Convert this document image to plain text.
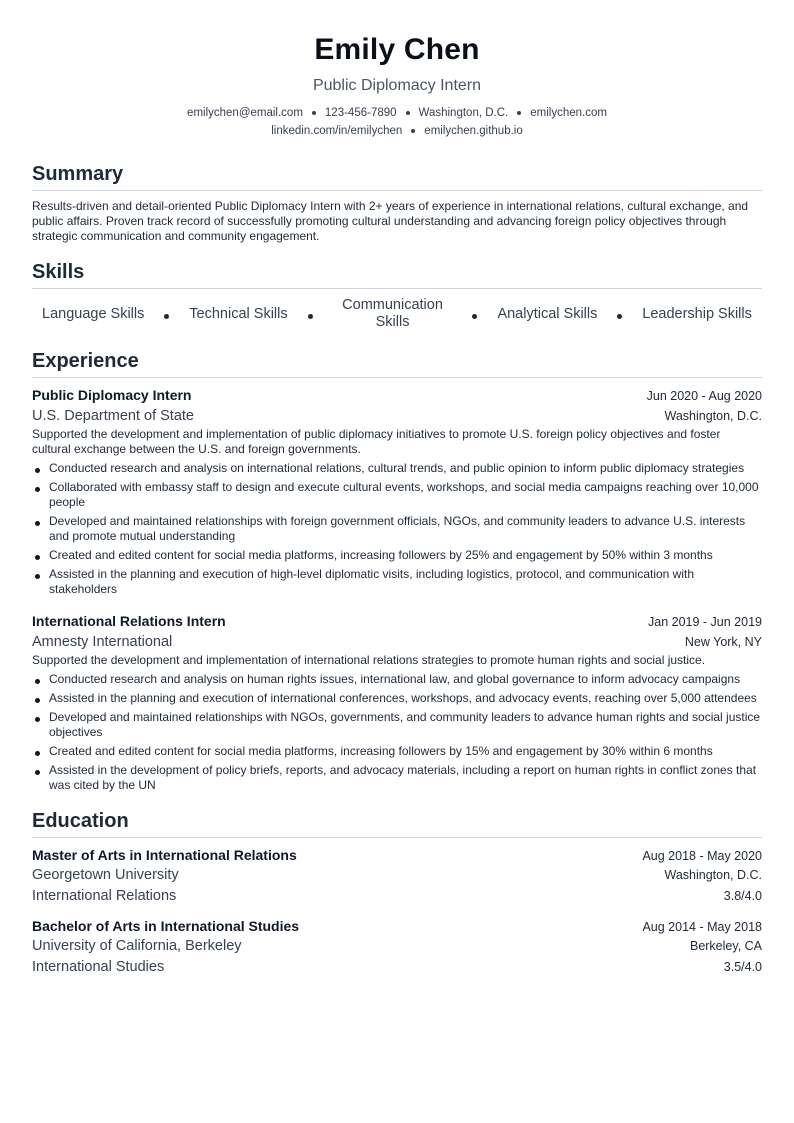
Emily Chen
Public Diplomacy Intern
emilychen@email.com 123-456-7890 Washington, D.C. emilychen.com
linkedin.com/in/emilychen emilychen.github.io
Summary
Results-driven and detail-oriented Public Diplomacy Intern with 2+ years of experience in international relations, cultural exchange, and public affairs. Proven track record of successfully promoting cultural understanding and advancing foreign policy objectives through strategic communication and community engagement.
Skills
Language Skills	Technical Skills
Communication Skills
Analytical Skills	Leadership Skills
Experience
Public Diplomacy Intern	Jun 2020 - Aug 2020
U.S. Department of State	Washington, D.C.
Supported the development and implementation of public diplomacy initiatives to promote U.S. foreign policy objectives and foster cultural exchange between the U.S. and foreign governments.
Conducted research and analysis on international relations, cultural trends, and public opinion to inform public diplomacy strategies
Collaborated with embassy staff to design and execute cultural events, workshops, and social media campaigns reaching over 10,000 people
Developed and maintained relationships with foreign government officials, NGOs, and community leaders to advance U.S. interests and promote mutual understanding
Created and edited content for social media platforms, increasing followers by 25% and engagement by 50% within 3 months
Assisted in the planning and execution of high-level diplomatic visits, including logistics, protocol, and communication with stakeholders
International Relations Intern	Jan 2019 - Jun 2019
Amnesty International	New York, NY
Supported the development and implementation of international relations strategies to promote human rights and social justice.
Conducted research and analysis on human rights issues, international law, and global governance to inform advocacy campaigns
Assisted in the planning and execution of international conferences, workshops, and advocacy events, reaching over 5,000 attendees
Developed and maintained relationships with NGOs, governments, and community leaders to advance human rights and social justice objectives
Created and edited content for social media platforms, increasing followers by 15% and engagement by 30% within 6 months
Assisted in the development of policy briefs, reports, and advocacy materials, including a report on human rights in conflict zones that was cited by the UN
Education
Master of Arts in International Relations	Aug 2018 - May 2020
Georgetown University	Washington, D.C.
International Relations	3.8/4.0
Bachelor of Arts in International Studies	Aug 2014 - May 2018
University of California, Berkeley	Berkeley, CA
International Studies	3.5/4.0
